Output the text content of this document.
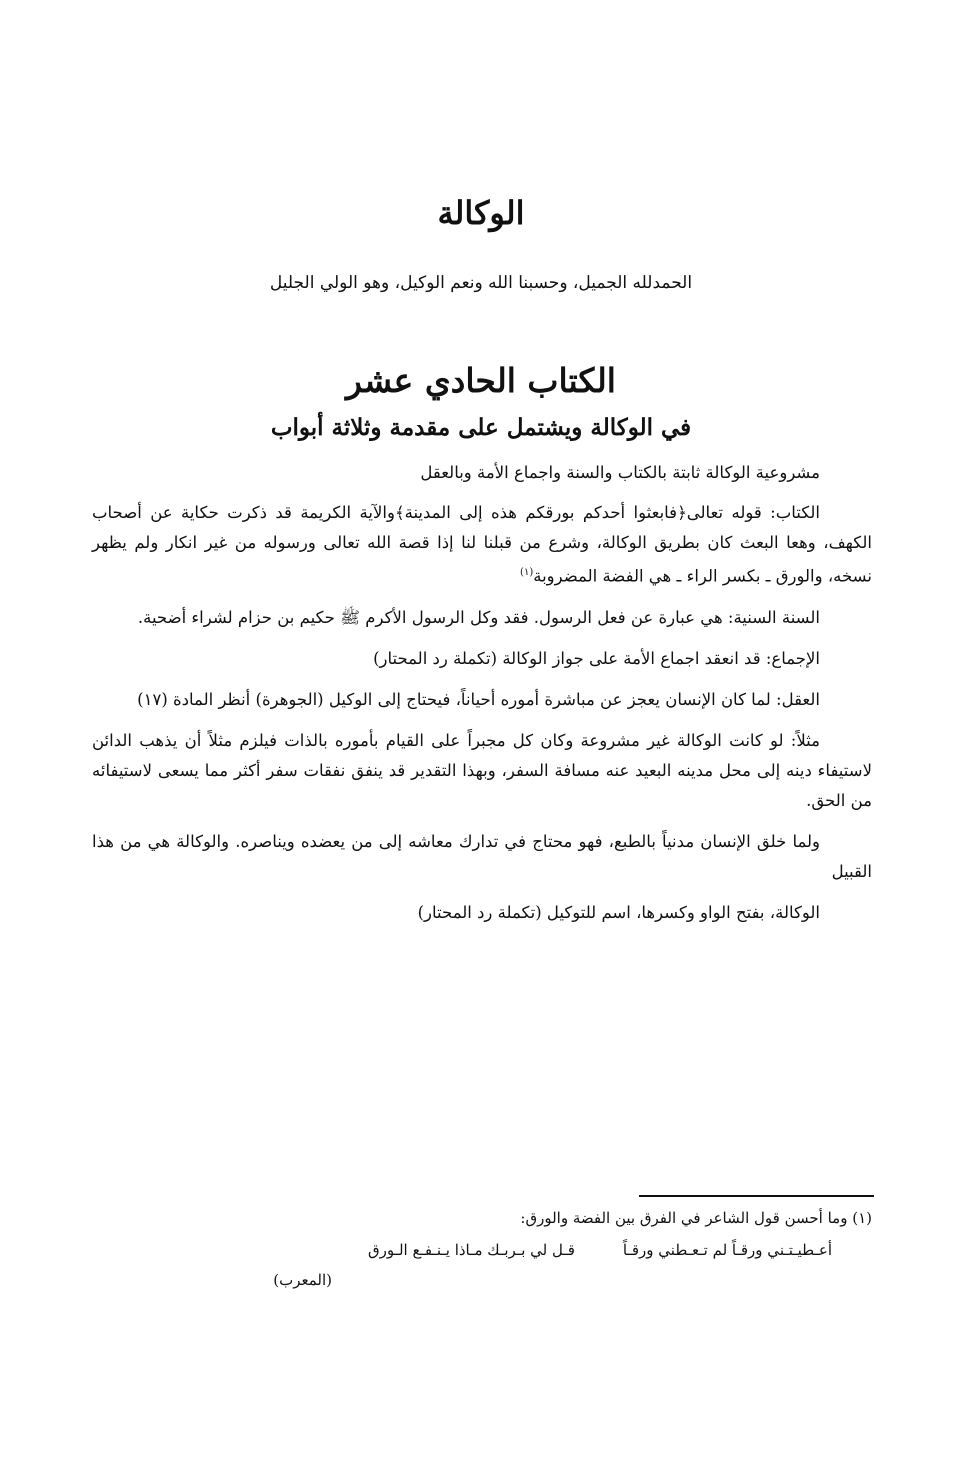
الوكالة

الحمدلله الجميل، وحسبنا الله ونعم الوكيل، وهو الولي الجليل

الكتاب الحادي عشر
في الوكالة ويشتمل على مقدمة وثلاثة أبواب

مشروعية الوكالة ثابتة بالكتاب والسنة واجماع الأمة وبالعقل

الكتاب: قوله تعالى﴿فابعثوا أحدكم بورقكم هذه إلى المدينة﴾والآية الكريمة قد ذكرت حكاية عن أصحاب الكهف، وهعا البعث كان بطريق الوكالة، وشرع من قبلنا لنا إذا قصة الله تعالى ورسوله من غير انكار ولم يظهر نسخه، والورق ـ بكسر الراء ـ هي الفضة المضروبة$^{(١)}$

السنة السنية: هي عبارة عن فعل الرسول. فقد وكل الرسول الأكرم ﷺ حكيم بن حزام لشراء أضحية.

الإجماع: قد انعقد اجماع الأمة على جواز الوكالة (تكملة رد المحتار)

العقل: لما كان الإنسان يعجز عن مباشرة أموره أحياناً، فيحتاج إلى الوكيل (الجوهرة) أنظر المادة (١٧)

مثلاً: لو كانت الوكالة غير مشروعة وكان كل مجبراً على القيام بأموره بالذات فيلزم مثلاً أن يذهب الدائن لاستيفاء دينه إلى محل مدينه البعيد عنه مسافة السفر، وبهذا التقدير قد ينفق نفقات سفر أكثر مما يسعى لاستيفائه من الحق.

ولما خلق الإنسان مدنياً بالطبع، فهو محتاج في تدارك معاشه إلى من يعضده ويناصره. والوكالة هي من هذا القبيل

الوكالة، بفتح الواو وكسرها، اسم للتوكيل (تكملة رد المحتار)

(١) وما أحسن قول الشاعر في الفرق بين الفضة والورق:

أعـطيـتـني ورقـاً لم تـعـطني ورقـاً
قـل لي بـربـك مـاذا يـنـفـع الـورق

(المعرب)
